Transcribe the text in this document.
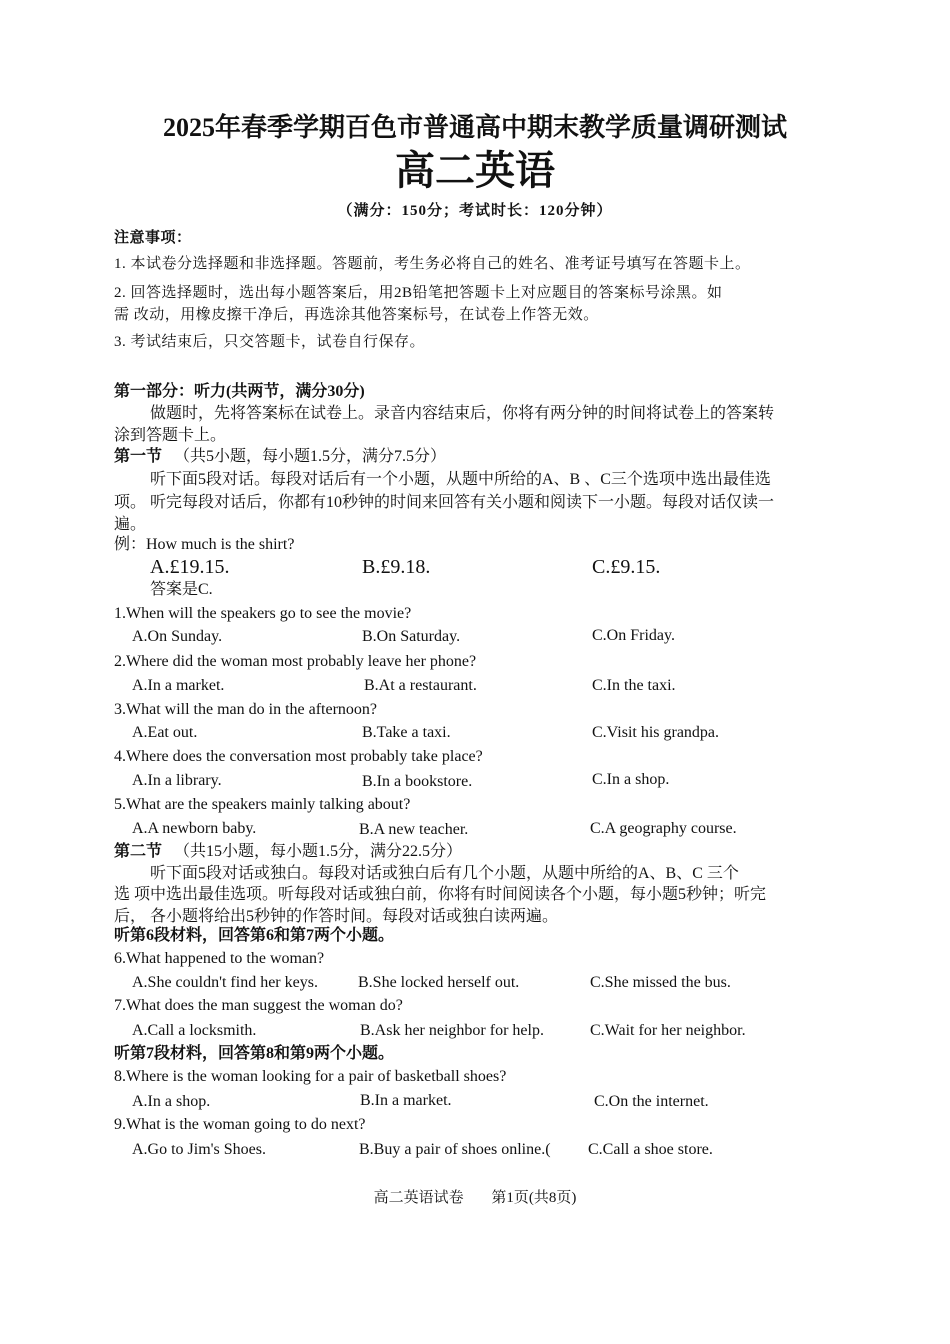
2025年春季学期百色市普通高中期末教学质量调研测试
高二英语
（满分：150分；考试时长：120分钟）
注意事项：
1. 本试卷分选择题和非选择题。答题前，考生务必将自己的姓名、准考证号填写在答题卡上。
2. 回答选择题时，选出每小题答案后，用2B铅笔把答题卡上对应题目的答案标号涂黑。如
需 改动，用橡皮擦干净后，再选涂其他答案标号，在试卷上作答无效。
3. 考试结束后，只交答题卡，试卷自行保存。
第一部分：听力(共两节，满分30分)
做题时，先将答案标在试卷上。录音内容结束后，你将有两分钟的时间将试卷上的答案转
涂到答题卡上。
第一节 （共5小题，每小题1.5分，满分7.5分）
听下面5段对话。每段对话后有一个小题，从题中所给的A、B 、C三个选项中选出最佳选
项。 听完每段对话后，你都有10秒钟的时间来回答有关小题和阅读下一小题。每段对话仅读一
遍。
例：How much is the shirt?
A.£19.15.	B.£9.18.	C.£9.15.
答案是C.
1.When will the speakers go to see the movie?
A.On Sunday.	B.On Saturday.	C.On Friday.
2.Where did the woman most probably leave her phone?
A.In a market.	B.At a restaurant.	C.In the taxi.
3.What will the man do in the afternoon?
A.Eat out.	B.Take a taxi.	C.Visit his grandpa.
4.Where does the conversation most probably take place?
A.In a library.	B.In a bookstore.	C.In a shop.
5.What are the speakers mainly talking about?
A.A newborn baby.	B.A new teacher.	C.A geography course.
第二节 （共15小题，每小题1.5分，满分22.5分）
听下面5段对话或独白。每段对话或独白后有几个小题，从题中所给的A、B、C 三个
选 项中选出最佳选项。听每段对话或独白前，你将有时间阅读各个小题，每小题5秒钟；听完
后， 各小题将给出5秒钟的作答时间。每段对话或独白读两遍。
听第6段材料，回答第6和第7两个小题。
6.What happened to the woman?
A.She couldn't find her keys.	B.She locked herself out.	C.She missed the bus.
7.What does the man suggest the woman do?
A.Call a locksmith.	B.Ask her neighbor for help.	C.Wait for her neighbor.
听第7段材料，回答第8和第9两个小题。
8.Where is the woman looking for a pair of basketball shoes?
A.In a shop.	B.In a market.	C.On the internet.
9.What is the woman going to do next?
A.Go to Jim's Shoes.	B.Buy a pair of shoes online.( C.Call a shoe store.
高二英语试卷 第1页(共8页)
